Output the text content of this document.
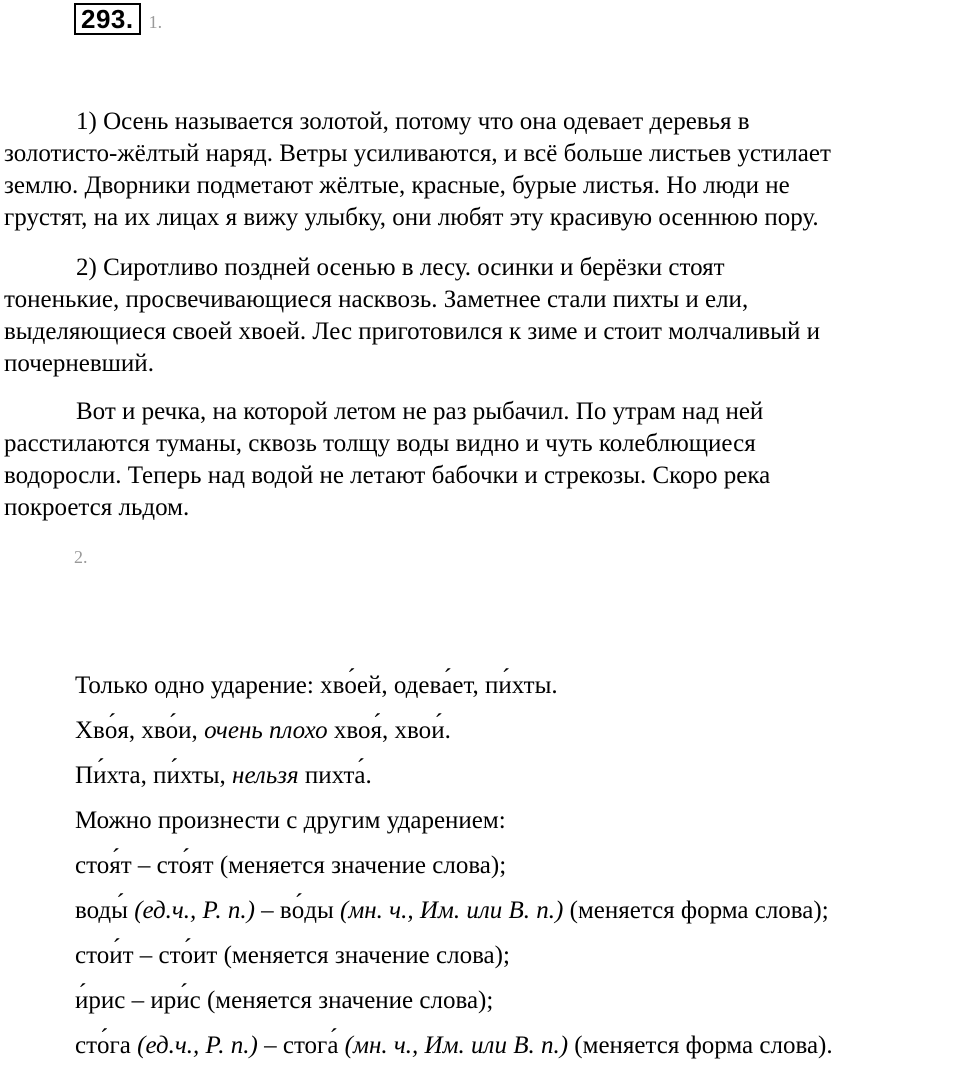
293. 1.

1) Осень называется золотой, потому что она одевает деревья в
золотисто-жёлтый наряд. Ветры усиливаются, и всё больше листьев устилает
землю. Дворники подметают жёлтые, красные, бурые листья. Но люди не
грустят, на их лицах я вижу улыбку, они любят эту красивую осеннюю пору.

2) Сиротливо поздней осенью в лесу. осинки и берёзки стоят
тоненькие, просвечивающиеся насквозь. Заметнее стали пихты и ели,
выделяющиеся своей хвоей. Лес приготовился к зиме и стоит молчаливый и
почерневший.

Вот и речка, на которой летом не раз рыбачил. По утрам над ней
расстилаются туманы, сквозь толщу воды видно и чуть колеблющиеся
водоросли. Теперь над водой не летают бабочки и стрекозы. Скоро река
покроется льдом.

2.
Только одно ударение: хво ´ей, одева ´ет, пи ´хты.
Хво ´я, хво ´и, очень плохо хвоя ´, хвои ´.
Пи ´хта, пи ´хты, нельзя пихта ´.
Можно произнести с другим ударением:
стоя ´т – сто ´ят (меняется значение слова);
воды ´ (ед.ч., Р. п.) – во ´ды (мн. ч., Им. или В. п.) (меняется форма слова);
стои ´т – сто ´ит (меняется значение слова);
и ´рис – ири ´с (меняется значение слова);
сто ´га (ед.ч., Р. п.) – стога ´ (мн. ч., Им. или В. п.) (меняется форма слова).
